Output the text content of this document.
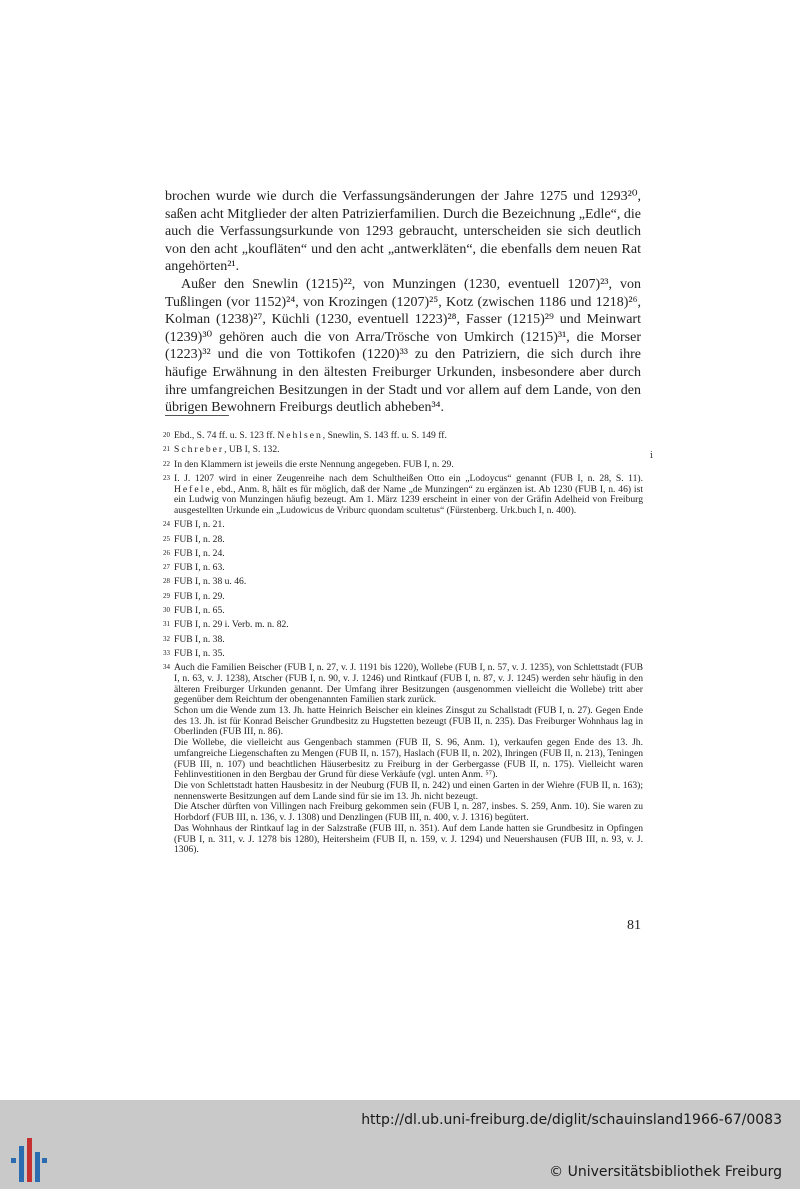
brochen wurde wie durch die Verfassungsänderungen der Jahre 1275 und 1293²⁰, saßen acht Mitglieder der alten Patrizierfamilien. Durch die Bezeichnung „Edle“, die auch die Verfassungsurkunde von 1293 gebraucht, unterscheiden sie sich deutlich von den acht „koufläten“ und den acht „antwerkläten“, die ebenfalls dem neuen Rat angehörten²¹.

Außer den Snewlin (1215)²², von Munzingen (1230, eventuell 1207)²³, von Tußlingen (vor 1152)²⁴, von Krozingen (1207)²⁵, Kotz (zwischen 1186 und 1218)²⁶, Kolman (1238)²⁷, Küchli (1230, eventuell 1223)²⁸, Fasser (1215)²⁹ und Meinwart (1239)³⁰ gehören auch die von Arra/Trösche von Umkirch (1215)³¹, die Morser (1223)³² und die von Tottikofen (1220)³³ zu den Patriziern, die sich durch ihre häufige Erwähnung in den ältesten Freiburger Urkunden, insbesondere aber durch ihre umfangreichen Besitzungen in der Stadt und vor allem auf dem Lande, von den übrigen Bewohnern Freiburgs deutlich abheben³⁴.

i
20 Ebd., S. 74 ff. u. S. 123 ff. Nehlsen, Snewlin, S. 143 ff. u. S. 149 ff.
21 Schreber, UB I, S. 132.
22 In den Klammern ist jeweils die erste Nennung angegeben. FUB I, n. 29.
23 I. J. 1207 wird in einer Zeugenreihe nach dem Schultheißen Otto ein „Lodoycus“ genannt (FUB I, n. 28, S. 11). Hefele, ebd., Anm. 8, hält es für möglich, daß der Name „de Munzingen“ zu ergänzen ist. Ab 1230 (FUB I, n. 46) ist ein Ludwig von Munzingen häufig bezeugt. Am 1. März 1239 erscheint in einer von der Gräfin Adelheid von Freiburg ausgestellten Urkunde ein „Ludowicus de Vriburc quondam scultetus“ (Fürstenberg. Urk.buch I, n. 400).
24 FUB I, n. 21.
25 FUB I, n. 28.
26 FUB I, n. 24.
27 FUB I, n. 63.
28 FUB I, n. 38 u. 46.
29 FUB I, n. 29.
30 FUB I, n. 65.
31 FUB I, n. 29 i. Verb. m. n. 82.
32 FUB I, n. 38.
33 FUB I, n. 35.
34 Auch die Familien Beischer (FUB I, n. 27, v. J. 1191 bis 1220), Wollebe (FUB I, n. 57, v. J. 1235), von Schlettstadt (FUB I, n. 63, v. J. 1238), Atscher (FUB I, n. 90, v. J. 1246) und Rintkauf (FUB I, n. 87, v. J. 1245) werden sehr häufig in den älteren Freiburger Urkunden genannt. Der Umfang ihrer Besitzungen (ausgenommen vielleicht die Wollebe) tritt aber gegenüber dem Reichtum der obengenannten Familien stark zurück.

Schon um die Wende zum 13. Jh. hatte Heinrich Beischer ein kleines Zinsgut zu Schallstadt (FUB I, n. 27). Gegen Ende des 13. Jh. ist für Konrad Beischer Grundbesitz zu Hugstetten bezeugt (FUB II, n. 235). Das Freiburger Wohnhaus lag in Oberlinden (FUB III, n. 86).

Die Wollebe, die vielleicht aus Gengenbach stammen (FUB II, S. 96, Anm. 1), verkaufen gegen Ende des 13. Jh. umfangreiche Liegenschaften zu Mengen (FUB II, n. 157), Haslach (FUB II, n. 202), Ihringen (FUB II, n. 213), Teningen (FUB III, n. 107) und beachtlichen Häuserbesitz zu Freiburg in der Gerbergasse (FUB II, n. 175). Vielleicht waren Fehlinvestitionen in den Bergbau der Grund für diese Verkäufe (vgl. unten Anm. ⁵⁷).

Die von Schlettstadt hatten Hausbesitz in der Neuburg (FUB II, n. 242) und einen Garten in der Wiehre (FUB II, n. 163); nennenswerte Besitzungen auf dem Lande sind für sie im 13. Jh. nicht bezeugt.

Die Atscher dürften von Villingen nach Freiburg gekommen sein (FUB I, n. 287, insbes. S. 259, Anm. 10). Sie waren zu Horbdorf (FUB III, n. 136, v. J. 1308) und Denzlingen (FUB III, n. 400, v. J. 1316) begütert.

Das Wohnhaus der Rintkauf lag in der Salzstraße (FUB III, n. 351). Auf dem Lande hatten sie Grundbesitz in Opfingen (FUB I, n. 311, v. J. 1278 bis 1280), Heitersheim (FUB II, n. 159, v. J. 1294) und Neuershausen (FUB III, n. 93, v. J. 1306).

81
http://dl.ub.uni-freiburg.de/diglit/schauinsland1966-67/0083
© Universitätsbibliothek Freiburg
